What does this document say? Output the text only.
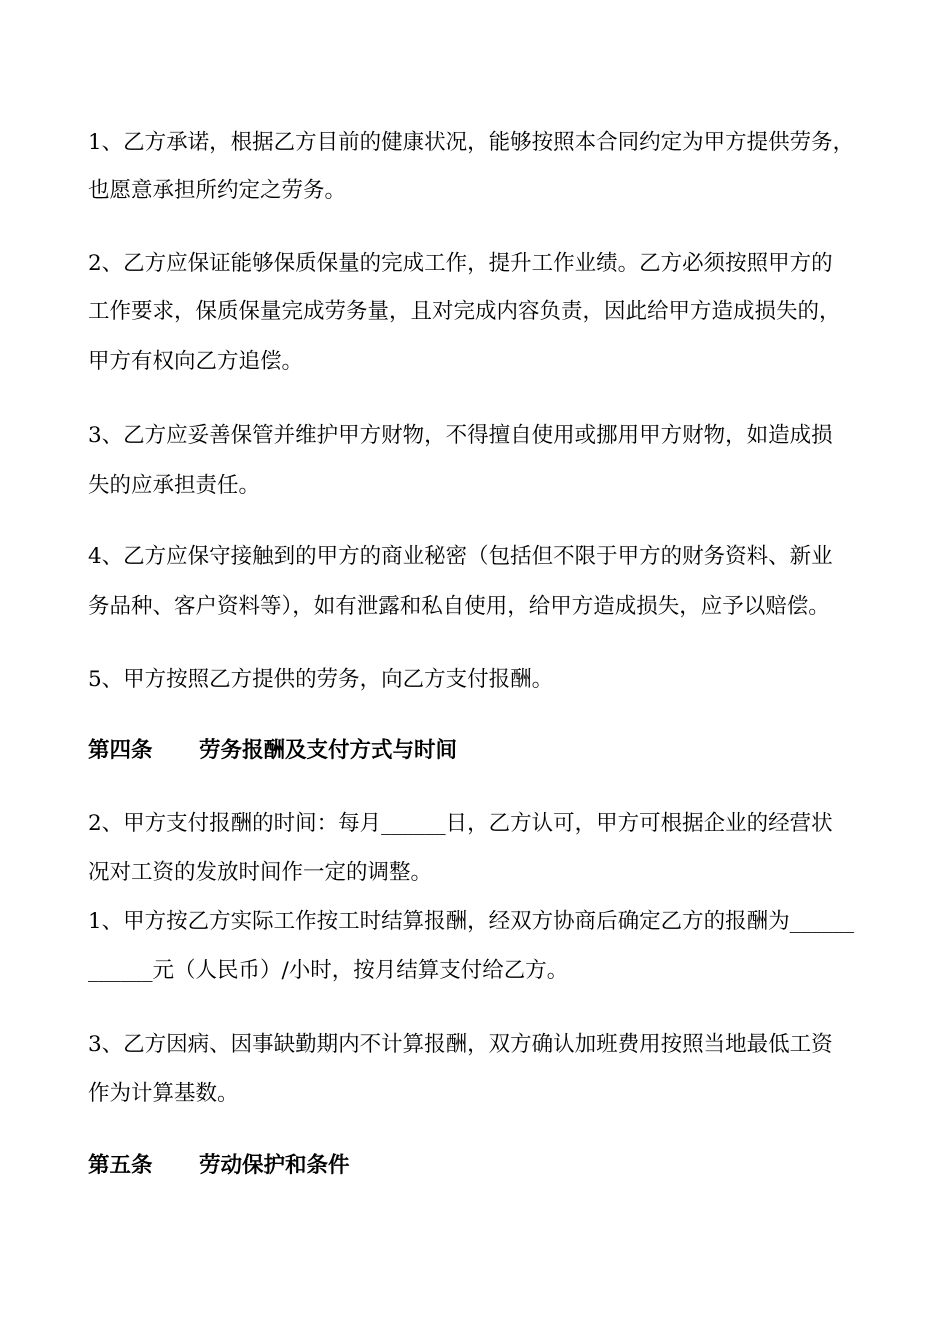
1、乙方承诺，根据乙方目前的健康状况，能够按照本合同约定为甲方提供劳务，
也愿意承担所约定之劳务。
2、乙方应保证能够保质保量的完成工作，提升工作业绩。乙方必须按照甲方的
工作要求，保质保量完成劳务量，且对完成内容负责，因此给甲方造成损失的，
甲方有权向乙方追偿。
3、乙方应妥善保管并维护甲方财物，不得擅自使用或挪用甲方财物，如造成损
失的应承担责任。
4、乙方应保守接触到的甲方的商业秘密（包括但不限于甲方的财务资料、新业
务品种、客户资料等），如有泄露和私自使用，给甲方造成损失，应予以赔偿。
5、甲方按照乙方提供的劳务，向乙方支付报酬。
第四条 劳务报酬及支付方式与时间
2、甲方支付报酬的时间：每月______日，乙方认可，甲方可根据企业的经营状
况对工资的发放时间作一定的调整。
1、甲方按乙方实际工作按工时结算报酬，经双方协商后确定乙方的报酬为______
______元（人民币）/小时，按月结算支付给乙方。
3、乙方因病、因事缺勤期内不计算报酬，双方确认加班费用按照当地最低工资
作为计算基数。
第五条 劳动保护和条件
